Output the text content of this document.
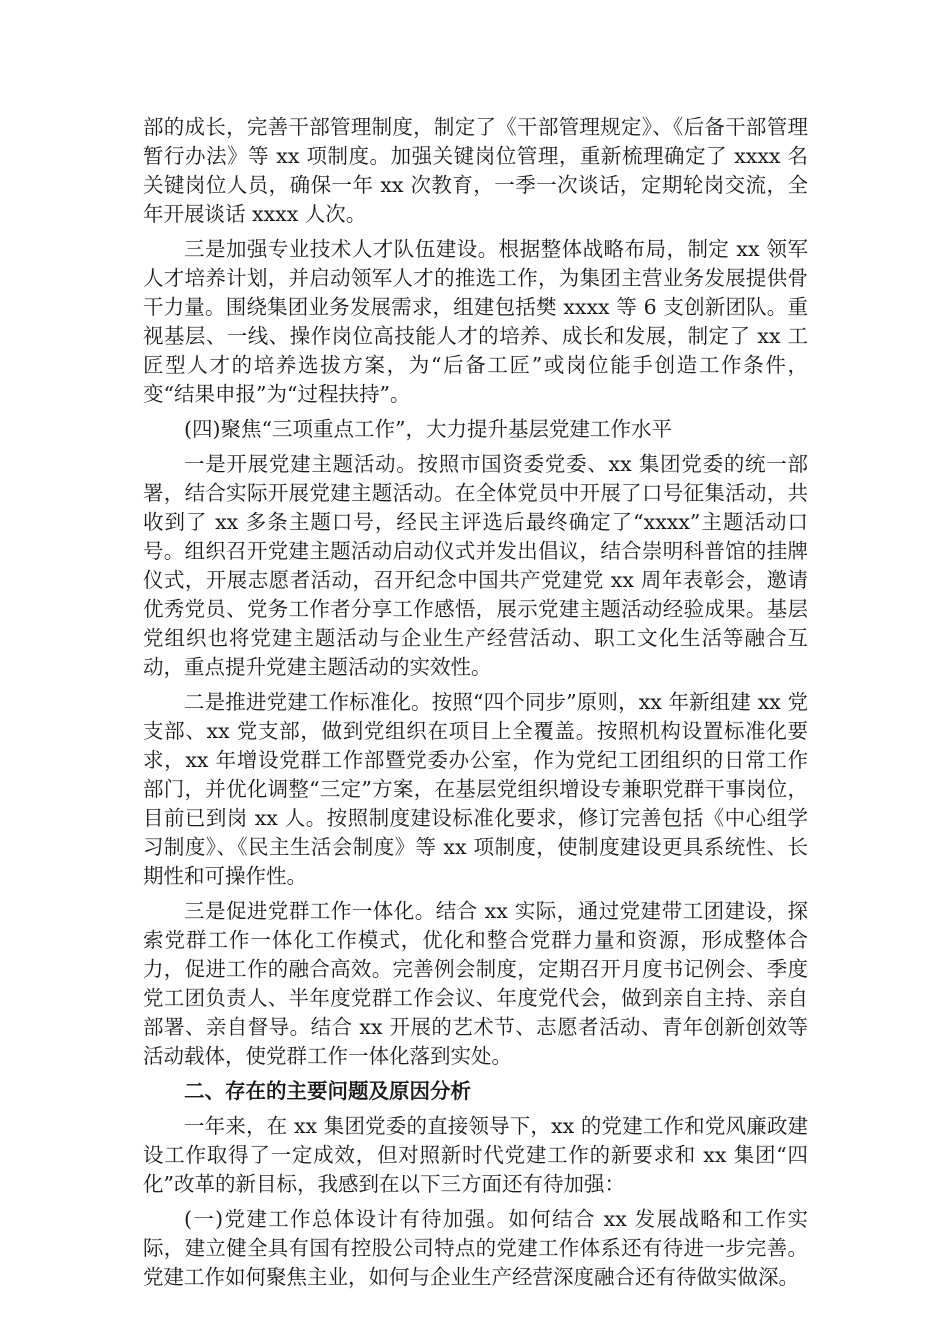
部的成长，完善干部管理制度，制定了《干部管理规定》、《后备干部管理暂行办法》等 xx 项制度。加强关键岗位管理，重新梳理确定了 xxxx 名关键岗位人员，确保一年 xx 次教育，一季一次谈话，定期轮岗交流，全年开展谈话 xxxx 人次。

三是加强专业技术人才队伍建设。根据整体战略布局，制定 xx 领军人才培养计划，并启动领军人才的推选工作，为集团主营业务发展提供骨干力量。围绕集团业务发展需求，组建包括樊 xxxx 等 6 支创新团队。重视基层、一线、操作岗位高技能人才的培养、成长和发展，制定了 xx 工匠型人才的培养选拔方案，为“后备工匠”或岗位能手创造工作条件，变“结果申报”为“过程扶持”。

(四)聚焦“三项重点工作”，大力提升基层党建工作水平

一是开展党建主题活动。按照市国资委党委、xx 集团党委的统一部署，结合实际开展党建主题活动。在全体党员中开展了口号征集活动，共收到了 xx 多条主题口号，经民主评选后最终确定了“xxxx”主题活动口号。组织召开党建主题活动启动仪式并发出倡议，结合崇明科普馆的挂牌仪式，开展志愿者活动，召开纪念中国共产党建党 xx 周年表彰会，邀请优秀党员、党务工作者分享工作感悟，展示党建主题活动经验成果。基层党组织也将党建主题活动与企业生产经营活动、职工文化生活等融合互动，重点提升党建主题活动的实效性。

二是推进党建工作标准化。按照“四个同步”原则，xx 年新组建 xx 党支部、xx 党支部，做到党组织在项目上全覆盖。按照机构设置标准化要求，xx 年增设党群工作部暨党委办公室，作为党纪工团组织的日常工作部门，并优化调整“三定”方案，在基层党组织增设专兼职党群干事岗位，目前已到岗 xx 人。按照制度建设标准化要求，修订完善包括《中心组学习制度》、《民主生活会制度》等 xx 项制度，使制度建设更具系统性、长期性和可操作性。

三是促进党群工作一体化。结合 xx 实际，通过党建带工团建设，探索党群工作一体化工作模式，优化和整合党群力量和资源，形成整体合力，促进工作的融合高效。完善例会制度，定期召开月度书记例会、季度党工团负责人、半年度党群工作会议、年度党代会，做到亲自主持、亲自部署、亲自督导。结合 xx 开展的艺术节、志愿者活动、青年创新创效等活动载体，使党群工作一体化落到实处。

二、存在的主要问题及原因分析

一年来，在 xx 集团党委的直接领导下，xx 的党建工作和党风廉政建设工作取得了一定成效，但对照新时代党建工作的新要求和 xx 集团“四化”改革的新目标，我感到在以下三方面还有待加强：

(一)党建工作总体设计有待加强。如何结合 xx 发展战略和工作实际，建立健全具有国有控股公司特点的党建工作体系还有待进一步完善。党建工作如何聚焦主业，如何与企业生产经营深度融合还有待做实做深。
